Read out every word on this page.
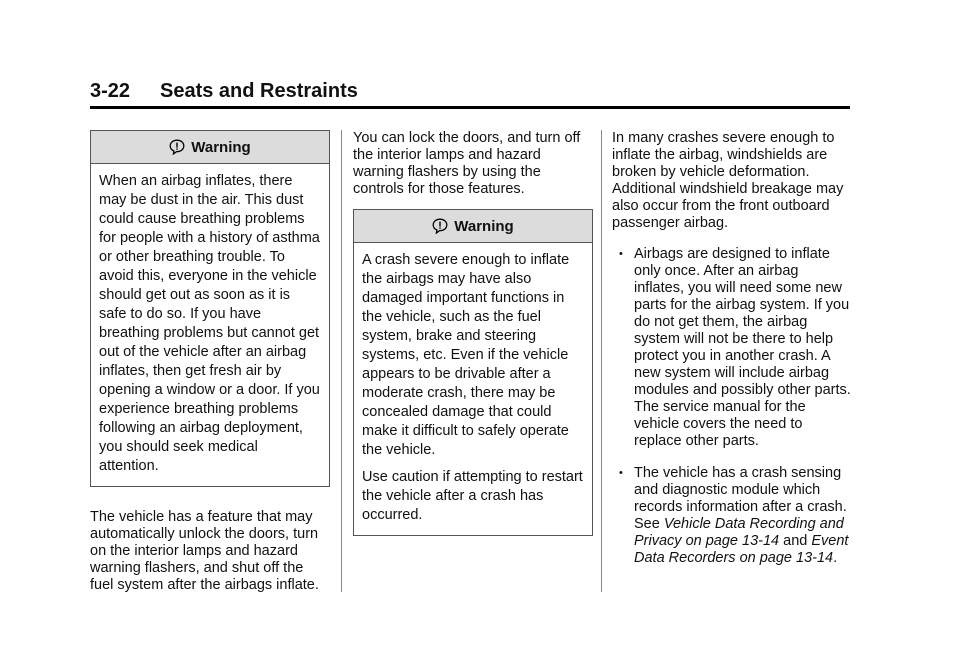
3-22 Seats and Restraints
Warning

When an airbag inflates, there may be dust in the air. This dust could cause breathing problems for people with a history of asthma or other breathing trouble. To avoid this, everyone in the vehicle should get out as soon as it is safe to do so. If you have breathing problems but cannot get out of the vehicle after an airbag inflates, then get fresh air by opening a window or a door. If you experience breathing problems following an airbag deployment, you should seek medical attention.

The vehicle has a feature that may automatically unlock the doors, turn on the interior lamps and hazard warning flashers, and shut off the fuel system after the airbags inflate.

You can lock the doors, and turn off the interior lamps and hazard warning flashers by using the controls for those features.

Warning

A crash severe enough to inflate the airbags may have also damaged important functions in the vehicle, such as the fuel system, brake and steering systems, etc. Even if the vehicle appears to be drivable after a moderate crash, there may be concealed damage that could make it difficult to safely operate the vehicle.

Use caution if attempting to restart the vehicle after a crash has occurred.

In many crashes severe enough to inflate the airbag, windshields are broken by vehicle deformation. Additional windshield breakage may also occur from the front outboard passenger airbag.

• Airbags are designed to inflate only once. After an airbag inflates, you will need some new parts for the airbag system. If you do not get them, the airbag system will not be there to help protect you in another crash. A new system will include airbag modules and possibly other parts. The service manual for the vehicle covers the need to replace other parts.
• The vehicle has a crash sensing and diagnostic module which records information after a crash. See Vehicle Data Recording and Privacy on page 13-14 and Event Data Recorders on page 13-14.
